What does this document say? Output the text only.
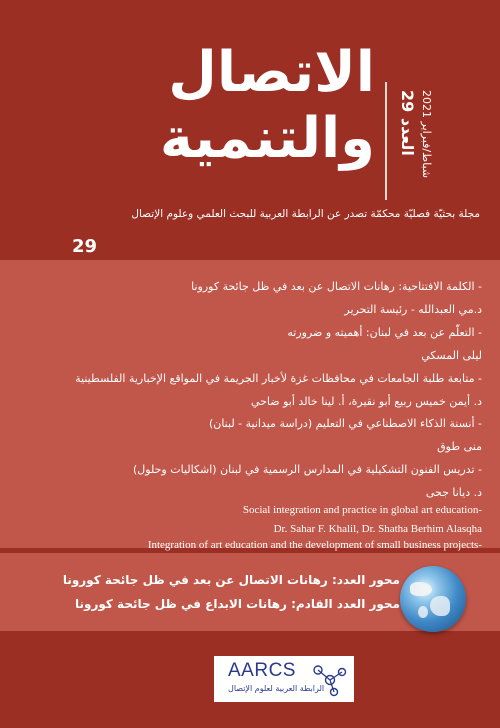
الاتصال
والتنمية
العدد 29
شباط/فبراير 2021
مجلة بحثيّة فصليّة محكمّة تصدر عن الرابطة العربية للبحث العلمي وعلوم الإتصال
29
- الكلمة الافتتاحية: رهانات الاتصال عن بعد في ظل جائحة كورونا
د.مي العبدالله - رئيسة التحرير
- التعلّم عن بعد في لبنان: أهميته و ضرورته
ليلى المسكي
- متابعة طلبة الجامعات في محافظات غزة لأخبار الجريمة في المواقع الإخبارية الفلسطينية
د. أيمن خميس ربيع أبو نقيرة، أ. لينا خالد أبو ضاحي
- أنسنة الذكاء الاصطناعي في التعليم (دراسة ميدانية - لبنان)
منى طوق
- تدريس الفنون التشكيلية في المدارس الرسمية في لبنان (اشكاليات وحلول)
د. ديانا جحى
Social integration and practice in global art education-
Dr. Sahar F. Khalil, Dr. Shatha Berhim Alasqha
Integration of art education and the development of small business projects-
محور العدد: رهانات الاتصال عن بعد في ظل جائحة كورونا
محور العدد القادم: رهانات الابداع في ظل جائحة كورونا
AARCS
الرابطة العربية لعلوم الإتصال
